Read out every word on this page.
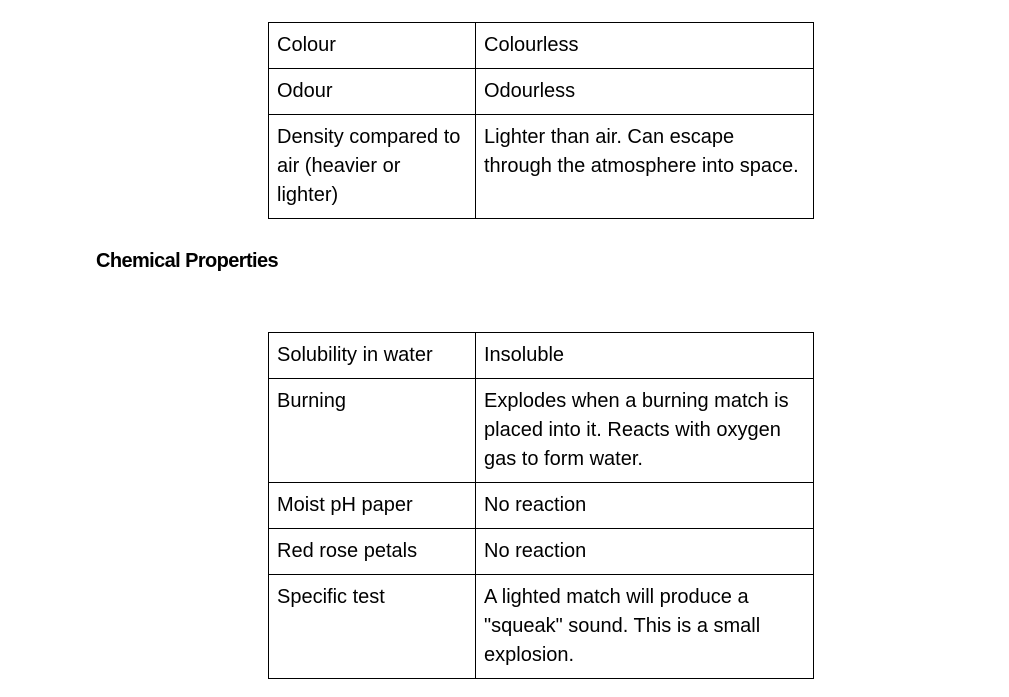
Colour	Colourless
Odour	Odourless
Density compared to air (heavier or lighter)	Lighter than air. Can escape through the atmosphere into space.
Chemical Properties
Solubility in water	Insoluble
Burning	Explodes when a burning match is placed into it. Reacts with oxygen gas to form water.
Moist pH paper	No reaction
Red rose petals	No reaction
Specific test	A lighted match will produce a "squeak" sound. This is a small explosion.
